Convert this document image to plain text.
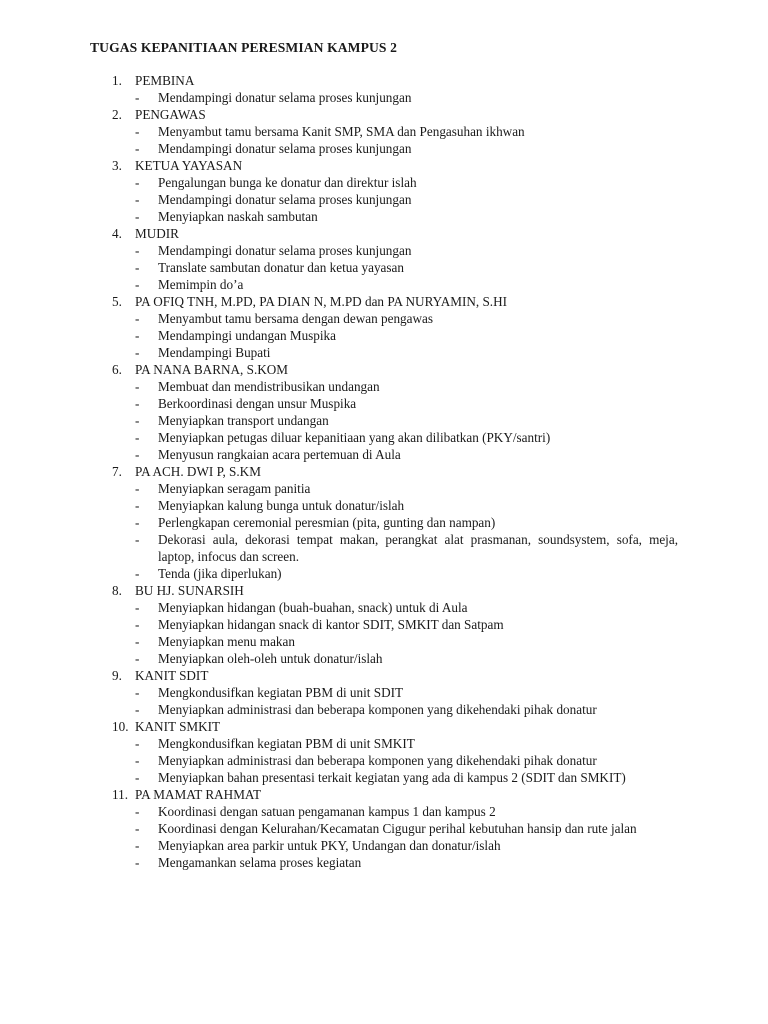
TUGAS KEPANITIAAN PERESMIAN KAMPUS 2
1. PEMBINA
- Mendampingi donatur selama proses kunjungan
2. PENGAWAS
- Menyambut tamu bersama Kanit SMP, SMA dan Pengasuhan ikhwan
- Mendampingi donatur selama proses kunjungan
3. KETUA YAYASAN
- Pengalungan bunga ke donatur dan direktur islah
- Mendampingi donatur selama proses kunjungan
- Menyiapkan naskah sambutan
4. MUDIR
- Mendampingi donatur selama proses kunjungan
- Translate sambutan donatur dan ketua yayasan
- Memimpin do’a
5. PA OFIQ TNH, M.PD, PA DIAN N, M.PD dan PA NURYAMIN, S.HI
- Menyambut tamu bersama dengan dewan pengawas
- Mendampingi undangan Muspika
- Mendampingi Bupati
6. PA NANA BARNA, S.KOM
- Membuat dan mendistribusikan undangan
- Berkoordinasi dengan unsur Muspika
- Menyiapkan transport undangan
- Menyiapkan petugas diluar kepanitiaan yang akan dilibatkan (PKY/santri)
- Menyusun rangkaian acara pertemuan di Aula
7. PA ACH. DWI P, S.KM
- Menyiapkan seragam panitia
- Menyiapkan kalung bunga untuk donatur/islah
- Perlengkapan ceremonial peresmian (pita, gunting dan nampan)
- Dekorasi aula, dekorasi tempat makan, perangkat alat prasmanan, soundsystem, sofa, meja, laptop, infocus dan screen.
- Tenda (jika diperlukan)
8. BU HJ. SUNARSIH
- Menyiapkan hidangan (buah-buahan, snack) untuk di Aula
- Menyiapkan hidangan snack di kantor SDIT, SMKIT dan Satpam
- Menyiapkan menu makan
- Menyiapkan oleh-oleh untuk donatur/islah
9. KANIT SDIT
- Mengkondusifkan kegiatan PBM di unit SDIT
- Menyiapkan administrasi dan beberapa komponen yang dikehendaki pihak donatur
10. KANIT SMKIT
- Mengkondusifkan kegiatan PBM di unit SMKIT
- Menyiapkan administrasi dan beberapa komponen yang dikehendaki pihak donatur
- Menyiapkan bahan presentasi terkait kegiatan yang ada di kampus 2 (SDIT dan SMKIT)
11. PA MAMAT RAHMAT
- Koordinasi dengan satuan pengamanan kampus 1 dan kampus 2
- Koordinasi dengan Kelurahan/Kecamatan Cigugur perihal kebutuhan hansip dan rute jalan
- Menyiapkan area parkir untuk PKY, Undangan dan donatur/islah
- Mengamankan selama proses kegiatan
